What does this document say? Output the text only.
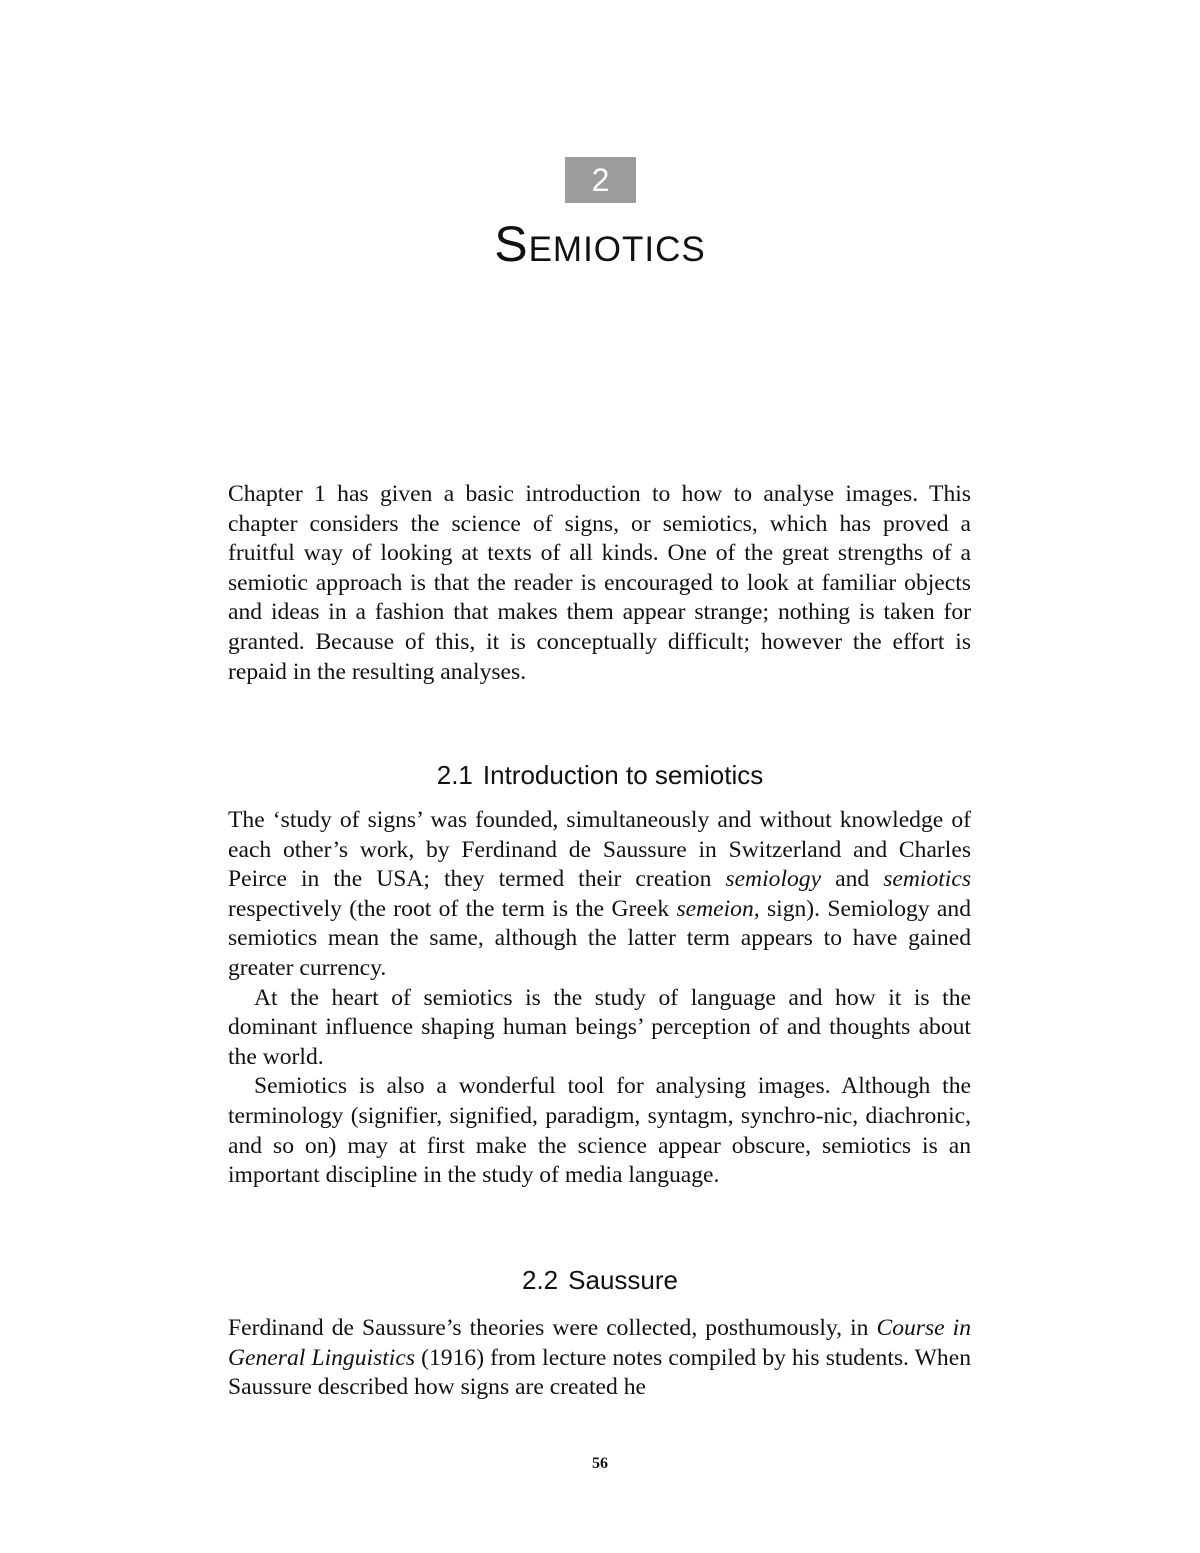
2
Semiotics

Chapter 1 has given a basic introduction to how to analyse images. This chapter considers the science of signs, or semiotics, which has proved a fruitful way of looking at texts of all kinds. One of the great strengths of a semiotic approach is that the reader is encouraged to look at familiar objects and ideas in a fashion that makes them appear strange; nothing is taken for granted. Because of this, it is conceptually difficult; however the effort is repaid in the resulting analyses.

2.1 Introduction to semiotics

The ‘study of signs’ was founded, simultaneously and without knowledge of each other’s work, by Ferdinand de Saussure in Switzerland and Charles Peirce in the USA; they termed their creation semiology and semiotics respectively (the root of the term is the Greek semeion, sign). Semiology and semiotics mean the same, although the latter term appears to have gained greater currency.

At the heart of semiotics is the study of language and how it is the dominant influence shaping human beings’ perception of and thoughts about the world.

Semiotics is also a wonderful tool for analysing images. Although the terminology (signifier, signified, paradigm, syntagm, synchro-nic, diachronic, and so on) may at first make the science appear obscure, semiotics is an important discipline in the study of media language.

2.2 Saussure

Ferdinand de Saussure’s theories were collected, posthumously, in Course in General Linguistics (1916) from lecture notes compiled by his students. When Saussure described how signs are created he

56
